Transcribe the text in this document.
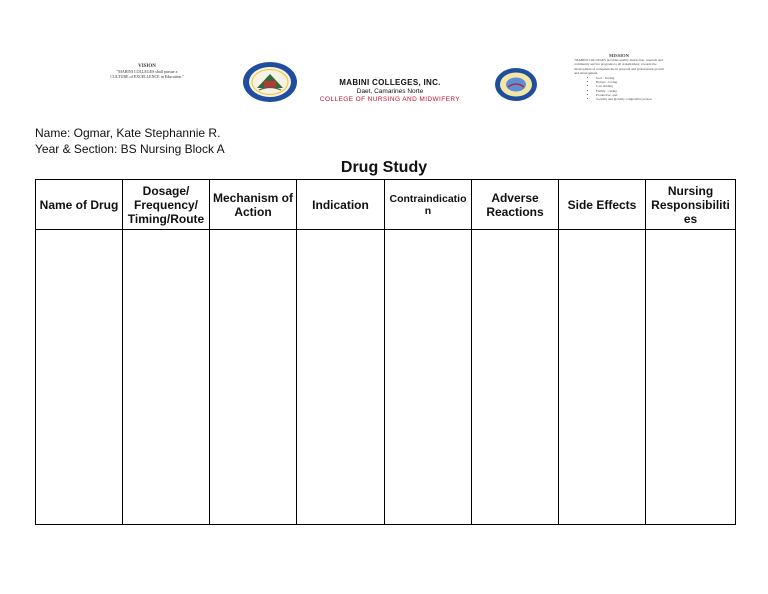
VISION
"MABINI COLLEGES shall pursue a CULTURE of EXCELLENCE in Education."
MABINI COLLEGES, INC.
Daet, Camarines Norte
COLLEGE OF NURSING AND MIDWIFERY
MISSION
"MABINI COLLEGES provides quality instruction, research and community service programs to all stakeholders; towards the development of competencies in personal and professional growth and development.
• God - fearing
• Honest - loving
• Law abiding
• Family - caring
• Productive, and
• Socially and globally competitive person
Name: Ogmar, Kate Stephannie R.
Year & Section: BS Nursing Block A
Drug Study
Name of Drug	Dosage/ Frequency/ Timing/Route	Mechanism of Action	Indication	Contraindication	Adverse Reactions	Side Effects	Nursing Responsibilities
